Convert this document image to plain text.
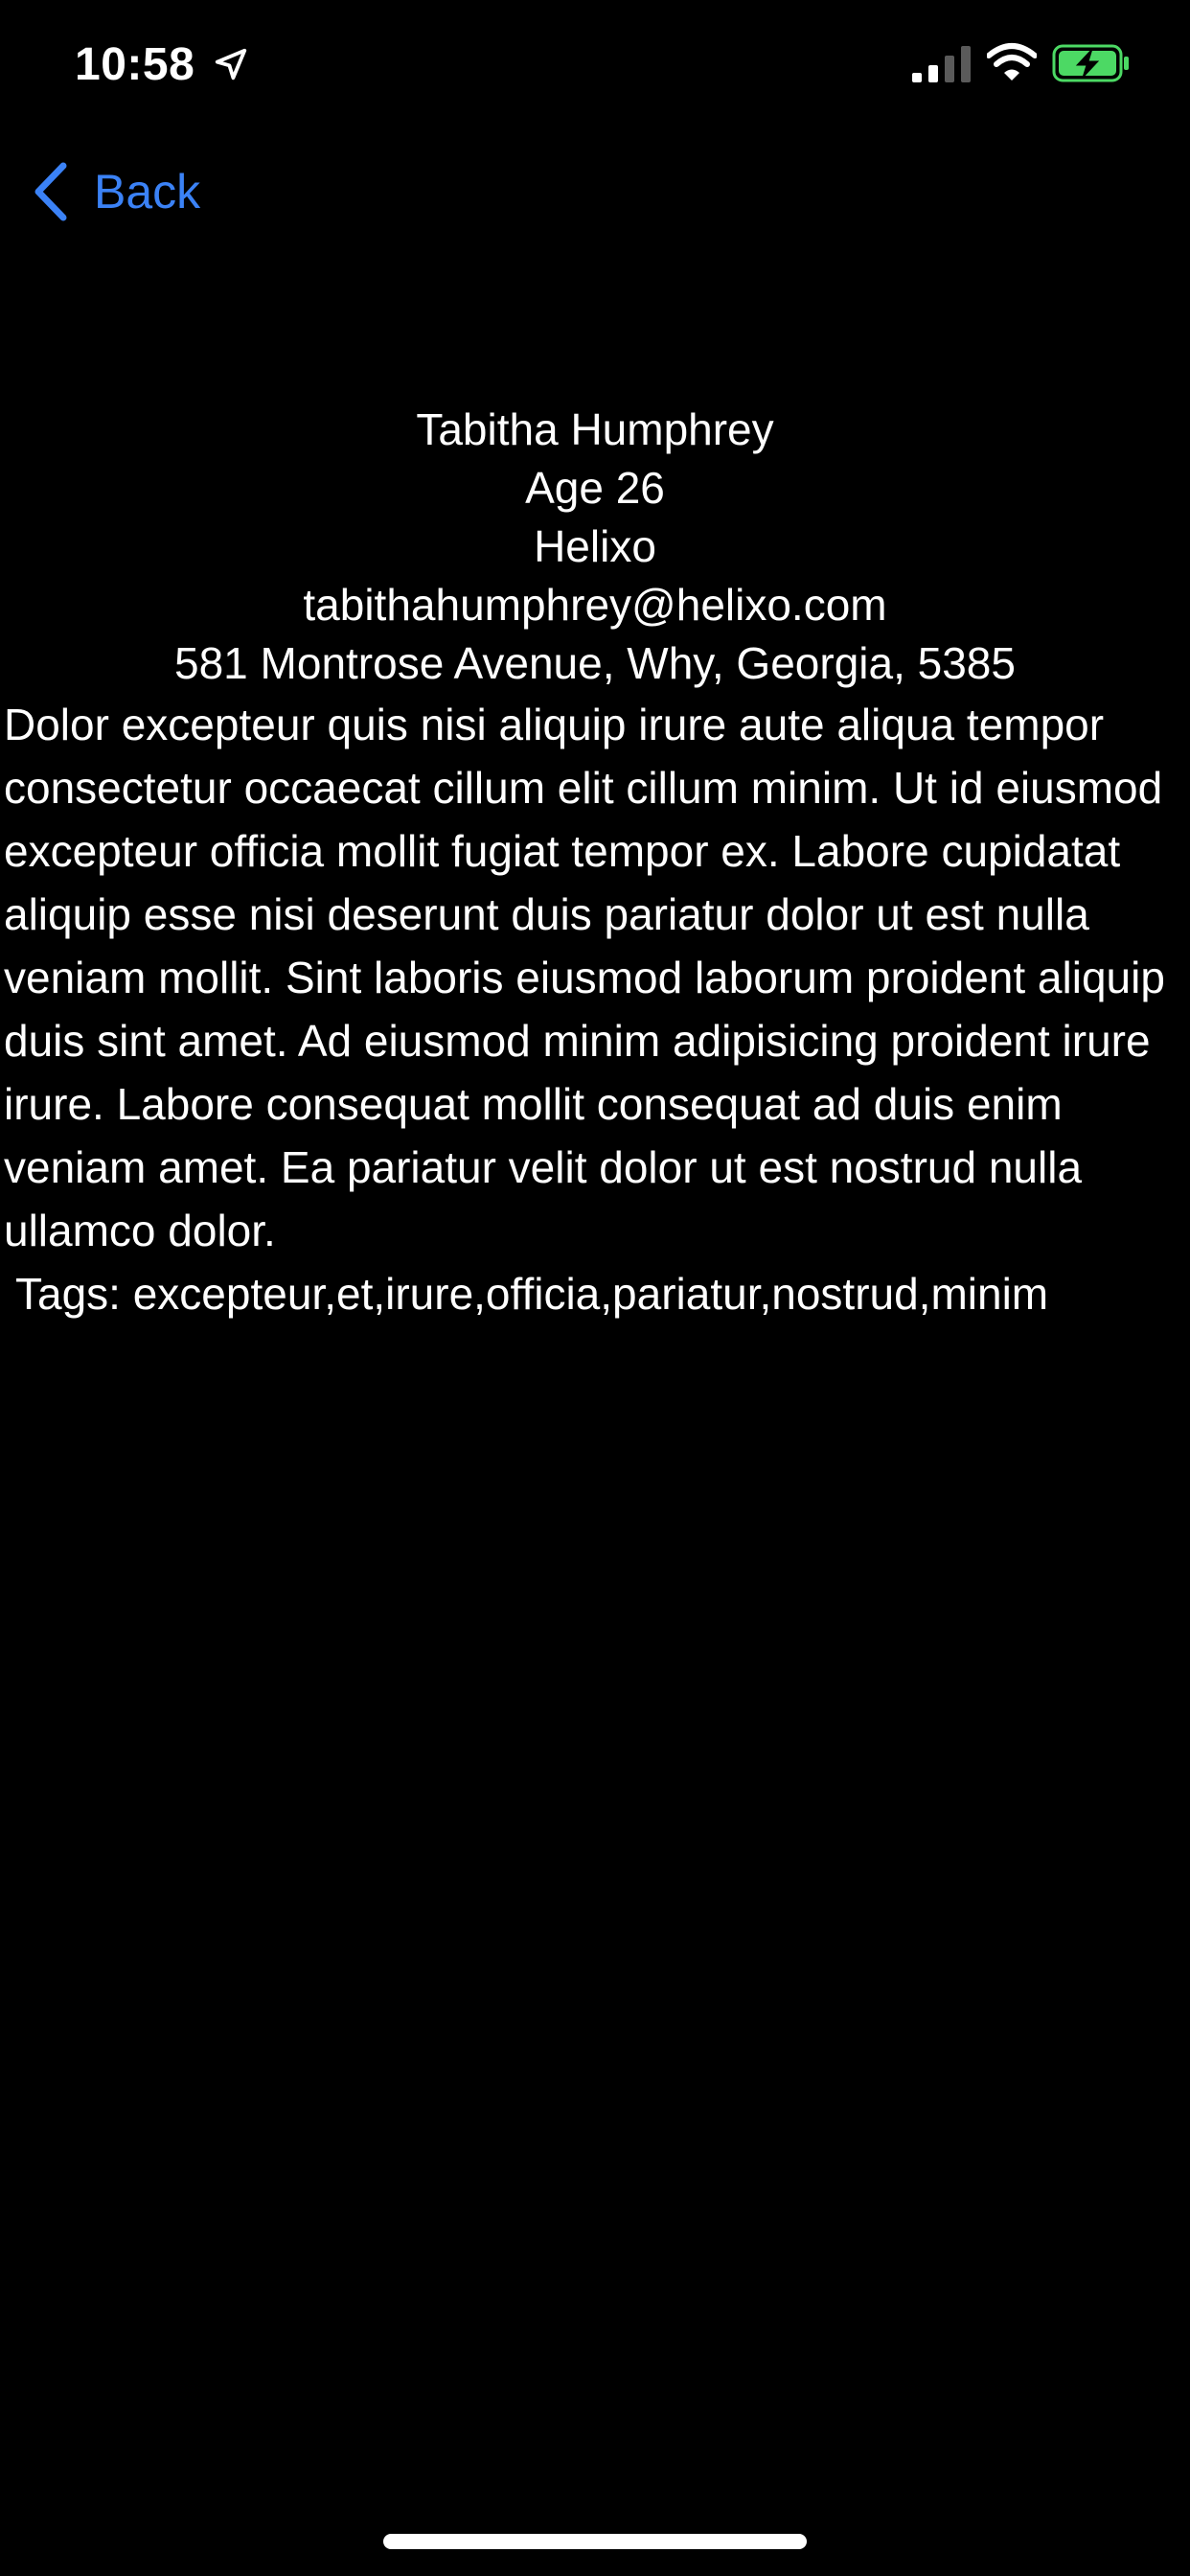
10:58
Back
Tabitha Humphrey
Age 26
Helixo
tabithahumphrey@helixo.com
581 Montrose Avenue, Why, Georgia, 5385

Dolor excepteur quis nisi aliquip irure aute aliqua tempor consectetur occaecat cillum elit cillum minim. Ut id eiusmod excepteur officia mollit fugiat tempor ex. Labore cupidatat aliquip esse nisi deserunt duis pariatur dolor ut est nulla veniam mollit. Sint laboris eiusmod laborum proident aliquip duis sint amet. Ad eiusmod minim adipisicing proident irure irure. Labore consequat mollit consequat ad duis enim veniam amet. Ea pariatur velit dolor ut est nostrud nulla ullamco dolor.

Tags: excepteur,et,irure,officia,pariatur,nostrud,minim
